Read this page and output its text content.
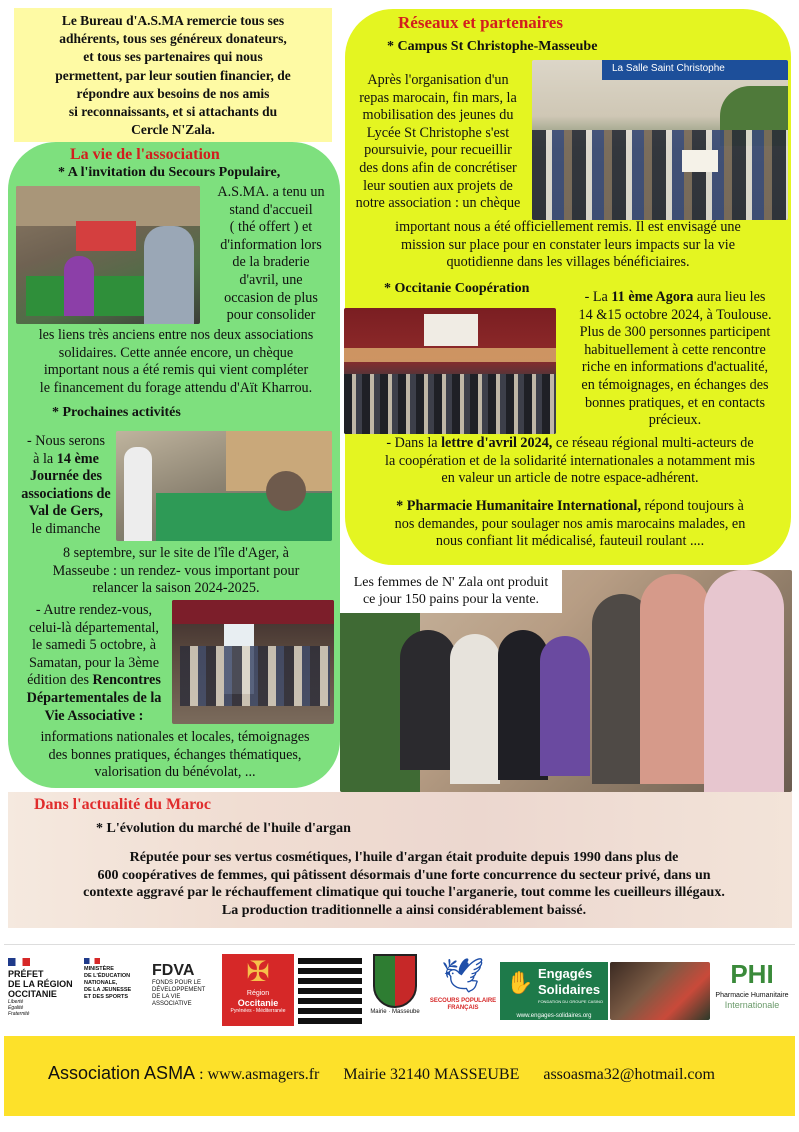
Le Bureau d'A.S.MA remercie tous ses

adhérents, tous ses généreux donateurs,

et tous ses partenaires qui nous

permettent, par leur soutien financier, de

répondre aux besoins de nos amis

si reconnaissants, et si attachants du

Cercle N'Zala.

La vie de l'association
* A l'invitation du Secours Populaire,

A.S.MA. a tenu un

stand d'accueil

( thé offert ) et

d'information lors

de la braderie

d'avril, une

occasion de plus

pour consolider

les liens très anciens entre nos deux associations

solidaires. Cette année encore, un chèque

important nous a été remis qui vient compléter

le financement du forage attendu d'Aït Kharrou.

* Prochaines activités

- Nous serons

à la 14 ème

Journée des

associations de

Val de Gers,

le dimanche

8 septembre, sur le site de l'île d'Ager, à

Masseube : un rendez- vous important pour

relancer la saison 2024-2025.

- Autre rendez-vous,

celui-là départemental,

le samedi 5 octobre, à

Samatan, pour la 3ème

édition des Rencontres

Départementales de la

Vie Associative :

informations nationales et locales, témoignages

des bonnes pratiques, échanges thématiques,

valorisation du bénévolat, ...

Réseaux et partenaires
* Campus St Christophe-Masseube

Après l'organisation d'un

repas marocain, fin mars, la

mobilisation des jeunes du

Lycée St Christophe s'est

poursuivie, pour recueillir

des dons afin de concrétiser

leur soutien aux projets de

notre association : un chèque

La Salle Saint Christophe

important nous a été officiellement remis. Il est envisagé une

mission sur place pour en constater leurs impacts sur la vie

quotidienne dans les villages bénéficiaires.

* Occitanie Coopération

- La 11 ème Agora aura lieu les

14 &15 octobre 2024, à Toulouse.

Plus de 300 personnes participent

habituellement à cette rencontre

riche en informations d'actualité,

en témoignages, en échanges des

bonnes pratiques, et en contacts

précieux.

- Dans la lettre d'avril 2024, ce réseau régional multi-acteurs de

la coopération et de la solidarité internationales a notamment mis

en valeur un article de notre espace-adhérent.

* Pharmacie Humanitaire International, répond toujours à

nos demandes, pour soulager nos amis marocains malades, en

nous confiant lit médicalisé, fauteuil roulant ....

Les femmes de N' Zala ont produit

ce jour 150 pains pour la vente.

Dans l'actualité du Maroc
* L'évolution du marché de l'huile d'argan

Réputée pour ses vertus cosmétiques, l'huile d'argan était produite depuis 1990 dans plus de

600 coopératives de femmes, qui pâtissent désormais d'une forte concurrence du secteur privé, dans un

contexte aggravé par le réchauffement climatique qui touche l'arganerie, tout comme les cueilleurs illégaux.

La production traditionnelle a ainsi considérablement baissé.

PRÉFET
DE LA RÉGION
OCCITANIE
Liberté
Égalité
Fraternité
MINISTÈRE
DE L'ÉDUCATION
NATIONALE,
DE LA JEUNESSE
ET DES SPORTS
FDVA
FONDS POUR LE
DÉVELOPPEMENT
DE LA VIE
ASSOCIATIVE
✠
Région
Occitanie
Pyrénées - Méditerranée	Mairie · Masseube
🕊
SECOURS POPULAIRE FRANÇAIS
Engagés
Solidaires
FONDATION DU GROUPE CASINO
www.engages-solidaires.org
✋	PHI
Pharmacie Humanitaire
Internationale
Association ASMA : www.asmagers.fr Mairie 32140 MASSEUBE assoasma32@hotmail.com
